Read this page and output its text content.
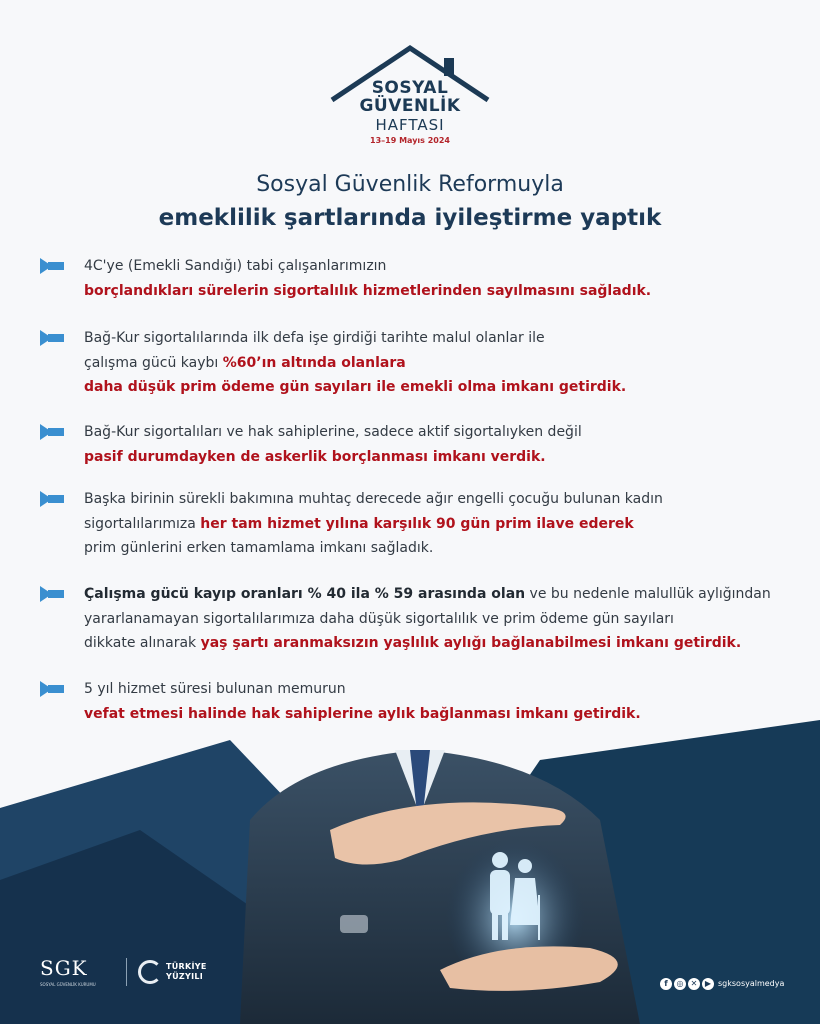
SOSYAL
GÜVENLİK
HAFTASI
13–19 Mayıs 2024
Sosyal Güvenlik Reformuyla
emeklilik şartlarında iyileştirme yaptık
4C'ye (Emekli Sandığı) tabi çalışanlarımızın
borçlandıkları sürelerin sigortalılık hizmetlerinden sayılmasını sağladık.
Bağ-Kur sigortalılarında ilk defa işe girdiği tarihte malul olanlar ile
çalışma gücü kaybı %60’ın altında olanlara
daha düşük prim ödeme gün sayıları ile emekli olma imkanı getirdik.
Bağ-Kur sigortalıları ve hak sahiplerine, sadece aktif sigortalıyken değil
pasif durumdayken de askerlik borçlanması imkanı verdik.
Başka birinin sürekli bakımına muhtaç derecede ağır engelli çocuğu bulunan kadın
sigortalılarımıza her tam hizmet yılına karşılık 90 gün prim ilave ederek
prim günlerini erken tamamlama imkanı sağladık.
Çalışma gücü kayıp oranları % 40 ila % 59 arasında olan ve bu nedenle malullük aylığından
yararlanamayan sigortalılarımıza daha düşük sigortalılık ve prim ödeme gün sayıları
dikkate alınarak yaş şartı aranmaksızın yaşlılık aylığı bağlanabilmesi imkanı getirdik.
5 yıl hizmet süresi bulunan memurun
vefat etmesi halinde hak sahiplerine aylık bağlanması imkanı getirdik.
SGK
SOSYAL GÜVENLİK KURUMU
TÜRKİYE
YÜZYILI
f	◎ ✕ ▶ sgksosyalmedya
